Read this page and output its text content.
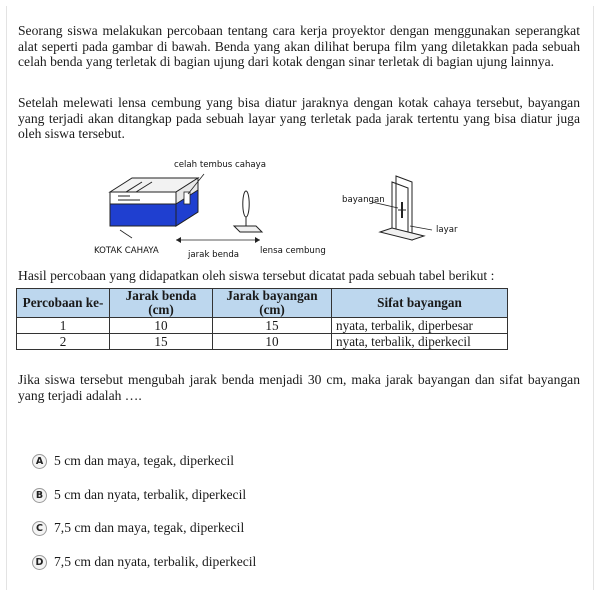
Seorang siswa melakukan percobaan tentang cara kerja proyektor dengan menggunakan seperangkat alat seperti pada gambar di bawah. Benda yang akan dilihat berupa film yang diletakkan pada sebuah celah benda yang terletak di bagian ujung dari kotak dengan sinar terletak di bagian ujung lainnya.

Setelah melewati lensa cembung yang bisa diatur jaraknya dengan kotak cahaya tersebut, bayangan yang terjadi akan ditangkap pada sebuah layar yang terletak pada jarak tertentu yang bisa diatur juga oleh siswa tersebut.

celah tembus cahaya
KOTAK CAHAYA	jarak benda lensa cembung
bayangan
layar
Hasil percobaan yang didapatkan oleh siswa tersebut dicatat pada sebuah tabel berikut :
Percobaan ke-	Jarak benda (cm)	Jarak bayangan (cm)	Sifat bayangan
1	10	15	nyata, terbalik, diperbesar
2	15	10	nyata, terbalik, diperkecil

Jika siswa tersebut mengubah jarak benda menjadi 30 cm, maka jarak bayangan dan sifat bayangan yang terjadi adalah ….

A 5 cm dan maya, tegak, diperkecil
B 5 cm dan nyata, terbalik, diperkecil
C 7,5 cm dan maya, tegak, diperkecil
D 7,5 cm dan nyata, terbalik, diperkecil
